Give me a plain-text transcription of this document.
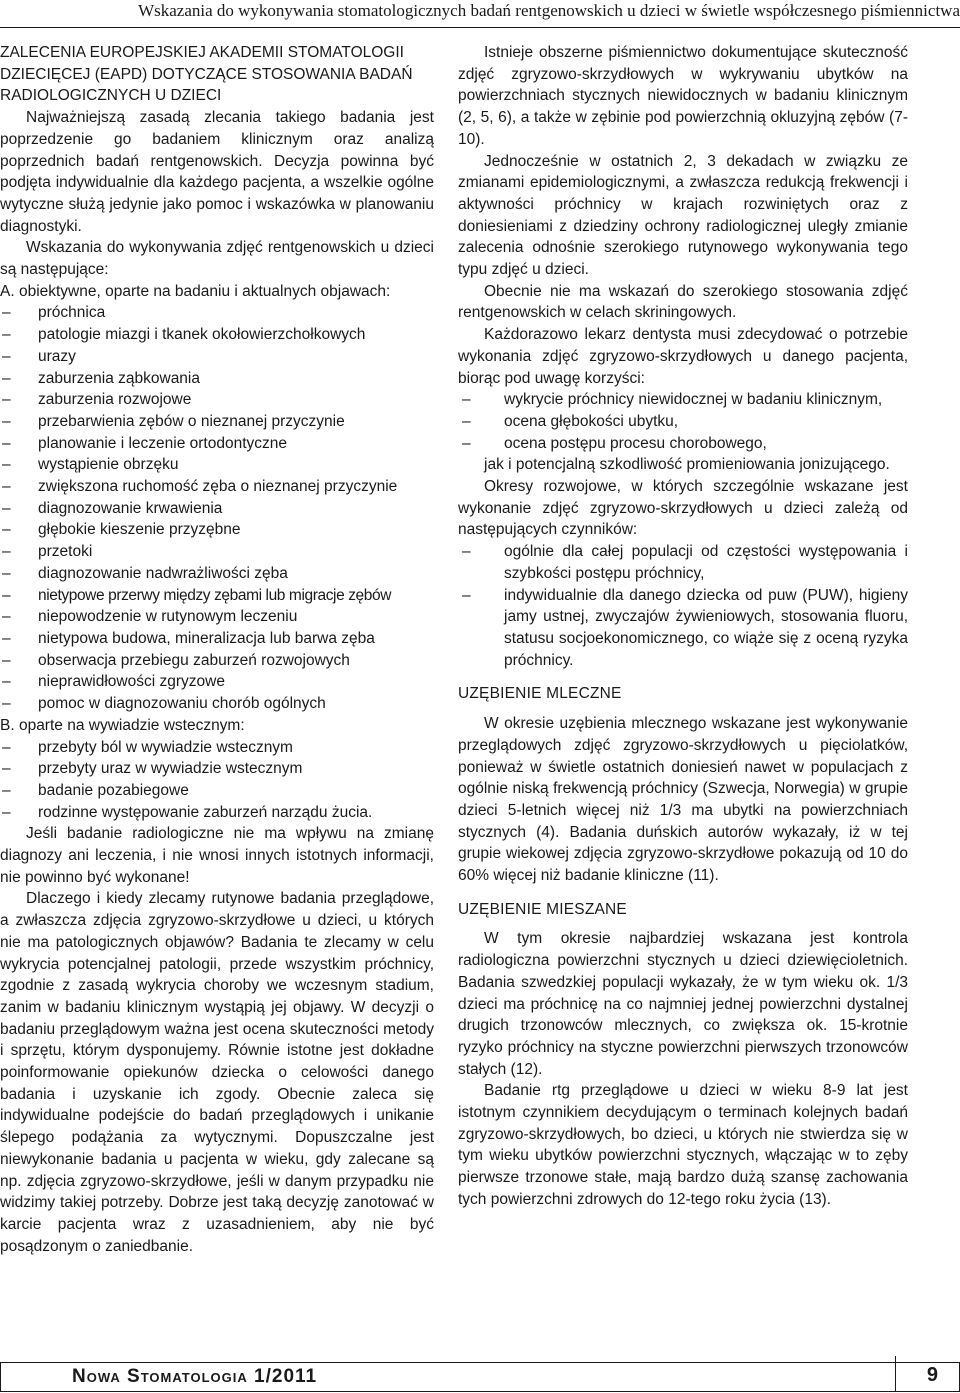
Wskazania do wykonywania stomatologicznych badań rentgenowskich u dzieci w świetle współczesnego piśmiennictwa

ZALECENIA EUROPEJSKIEJ AKADEMII STOMATOLOGII DZIECIĘCEJ (EAPD) DOTYCZĄCE STOSOWANIA BADAŃ RADIOLOGICZNYCH U DZIECI

Najważniejszą zasadą zlecania takiego badania jest poprzedzenie go badaniem klinicznym oraz analizą poprzednich badań rentgenowskich. Decyzja powinna być podjęta indywidualnie dla każdego pacjenta, a wszelkie ogólne wytyczne służą jedynie jako pomoc i wskazówka w planowaniu diagnostyki.

Wskazania do wykonywania zdjęć rentgenowskich u dzieci są następujące:

A. obiektywne, oparte na badaniu i aktualnych objawach:

– próchnica
– patologie miazgi i tkanek okołowierzchołkowych
– urazy
– zaburzenia ząbkowania
– zaburzenia rozwojowe
– przebarwienia zębów o nieznanej przyczynie
– planowanie i leczenie ortodontyczne
– wystąpienie obrzęku
– zwiększona ruchomość zęba o nieznanej przyczynie
– diagnozowanie krwawienia
– głębokie kieszenie przyzębne
– przetoki
– diagnozowanie nadwrażliwości zęba
– nietypowe przerwy między zębami lub migracje zębów
– niepowodzenie w rutynowym leczeniu
– nietypowa budowa, mineralizacja lub barwa zęba
– obserwacja przebiegu zaburzeń rozwojowych
– nieprawidłowości zgryzowe
– pomoc w diagnozowaniu chorób ogólnych

B. oparte na wywiadzie wstecznym:

– przebyty ból w wywiadzie wstecznym
– przebyty uraz w wywiadzie wstecznym
– badanie pozabiegowe
– rodzinne występowanie zaburzeń narządu żucia.

Jeśli badanie radiologiczne nie ma wpływu na zmianę diagnozy ani leczenia, i nie wnosi innych istotnych informacji, nie powinno być wykonane!

Dlaczego i kiedy zlecamy rutynowe badania przeglądowe, a zwłaszcza zdjęcia zgryzowo-skrzydłowe u dzieci, u których nie ma patologicznych objawów? Badania te zlecamy w celu wykrycia potencjalnej patologii, przede wszystkim próchnicy, zgodnie z zasadą wykrycia choroby we wczesnym stadium, zanim w badaniu klinicznym wystąpią jej objawy. W decyzji o badaniu przeglądowym ważna jest ocena skuteczności metody i sprzętu, którym dysponujemy. Równie istotne jest dokładne poinformowanie opiekunów dziecka o celowości danego badania i uzyskanie ich zgody. Obecnie zaleca się indywidualne podejście do badań przeglądowych i unikanie ślepego podążania za wytycznymi. Dopuszczalne jest niewykonanie badania u pacjenta w wieku, gdy zalecane są np. zdjęcia zgryzowo-skrzydłowe, jeśli w danym przypadku nie widzimy takiej potrzeby. Dobrze jest taką decyzję zanotować w karcie pacjenta wraz z uzasadnieniem, aby nie być posądzonym o zaniedbanie.

Istnieje obszerne piśmiennictwo dokumentujące skuteczność zdjęć zgryzowo-skrzydłowych w wykrywaniu ubytków na powierzchniach stycznych niewidocznych w badaniu klinicznym (2, 5, 6), a także w zębinie pod powierzchnią okluzyjną zębów (7-10).

Jednocześnie w ostatnich 2, 3 dekadach w związku ze zmianami epidemiologicznymi, a zwłaszcza redukcją frekwencji i aktywności próchnicy w krajach rozwiniętych oraz z doniesieniami z dziedziny ochrony radiologicznej uległy zmianie zalecenia odnośnie szerokiego rutynowego wykonywania tego typu zdjęć u dzieci.

Obecnie nie ma wskazań do szerokiego stosowania zdjęć rentgenowskich w celach skriningowych.

Każdorazowo lekarz dentysta musi zdecydować o potrzebie wykonania zdjęć zgryzowo-skrzydłowych u danego pacjenta, biorąc pod uwagę korzyści:

– wykrycie próchnicy niewidocznej w badaniu klinicznym,
– ocena głębokości ubytku,
– ocena postępu procesu chorobowego,

jak i potencjalną szkodliwość promieniowania jonizującego.

Okresy rozwojowe, w których szczególnie wskazane jest wykonanie zdjęć zgryzowo-skrzydłowych u dzieci zależą od następujących czynników:

– ogólnie dla całej populacji od częstości występowania i szybkości postępu próchnicy,
– indywidualnie dla danego dziecka od puw (PUW), higieny jamy ustnej, zwyczajów żywieniowych, stosowania fluoru, statusu socjoekonomicznego, co wiąże się z oceną ryzyka próchnicy.

UZĘBIENIE MLECZNE

W okresie uzębienia mlecznego wskazane jest wykonywanie przeglądowych zdjęć zgryzowo-skrzydłowych u pięciolatków, ponieważ w świetle ostatnich doniesień nawet w populacjach z ogólnie niską frekwencją próchnicy (Szwecja, Norwegia) w grupie dzieci 5-letnich więcej niż 1/3 ma ubytki na powierzchniach stycznych (4). Badania duńskich autorów wykazały, iż w tej grupie wiekowej zdjęcia zgryzowo-skrzydłowe pokazują od 10 do 60% więcej niż badanie kliniczne (11).

UZĘBIENIE MIESZANE

W tym okresie najbardziej wskazana jest kontrola radiologiczna powierzchni stycznych u dzieci dziewięcioletnich. Badania szwedzkiej populacji wykazały, że w tym wieku ok. 1/3 dzieci ma próchnicę na co najmniej jednej powierzchni dystalnej drugich trzonowców mlecznych, co zwiększa ok. 15-krotnie ryzyko próchnicy na styczne powierzchni pierwszych trzonowców stałych (12).

Badanie rtg przeglądowe u dzieci w wieku 8-9 lat jest istotnym czynnikiem decydującym o terminach kolejnych badań zgryzowo-skrzydłowych, bo dzieci, u których nie stwierdza się w tym wieku ubytków powierzchni stycznych, włączając w to zęby pierwsze trzonowe stałe, mają bardzo dużą szansę zachowania tych powierzchni zdrowych do 12-tego roku życia (13).

Nowa Stomatologia 1/2011	9
